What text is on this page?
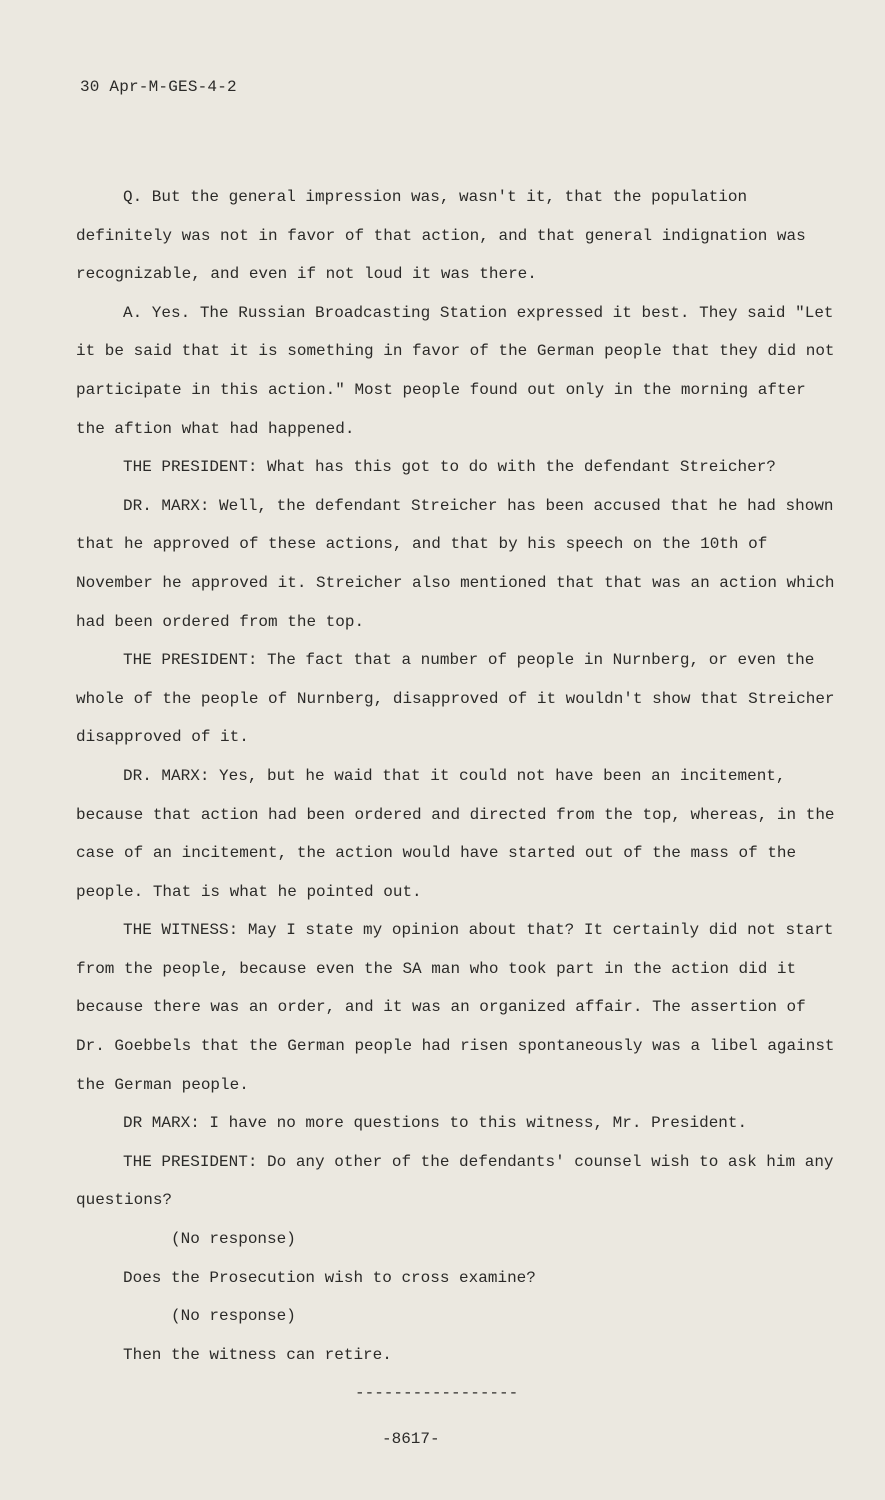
30 Apr-M-GES-4-2

Q. But the general impression was, wasn't it, that the population definitely was not in favor of that action, and that general indignation was recognizable, and even if not loud it was there.

A. Yes. The Russian Broadcasting Station expressed it best. They said "Let it be said that it is something in favor of the German people that they did not participate in this action." Most people found out only in the morning after the aftion what had happened.

THE PRESIDENT: What has this got to do with the defendant Streicher?

DR. MARX: Well, the defendant Streicher has been accused that he had shown that he approved of these actions, and that by his speech on the 10th of November he approved it. Streicher also mentioned that that was an action which had been ordered from the top.

THE PRESIDENT: The fact that a number of people in Nurnberg, or even the whole of the people of Nurnberg, disapproved of it wouldn't show that Streicher disapproved of it.

DR. MARX: Yes, but he waid that it could not have been an incitement, because that action had been ordered and directed from the top, whereas, in the case of an incitement, the action would have started out of the mass of the people. That is what he pointed out.

THE WITNESS: May I state my opinion about that? It certainly did not start from the people, because even the SA man who took part in the action did it because there was an order, and it was an organized affair. The assertion of Dr. Goebbels that the German people had risen spontaneously was a libel against the German people.

DR MARX: I have no more questions to this witness, Mr. President.

THE PRESIDENT: Do any other of the defendants' counsel wish to ask him any questions?

(No response)

Does the Prosecution wish to cross examine?

(No response)

Then the witness can retire.

-----------------
-8617-
